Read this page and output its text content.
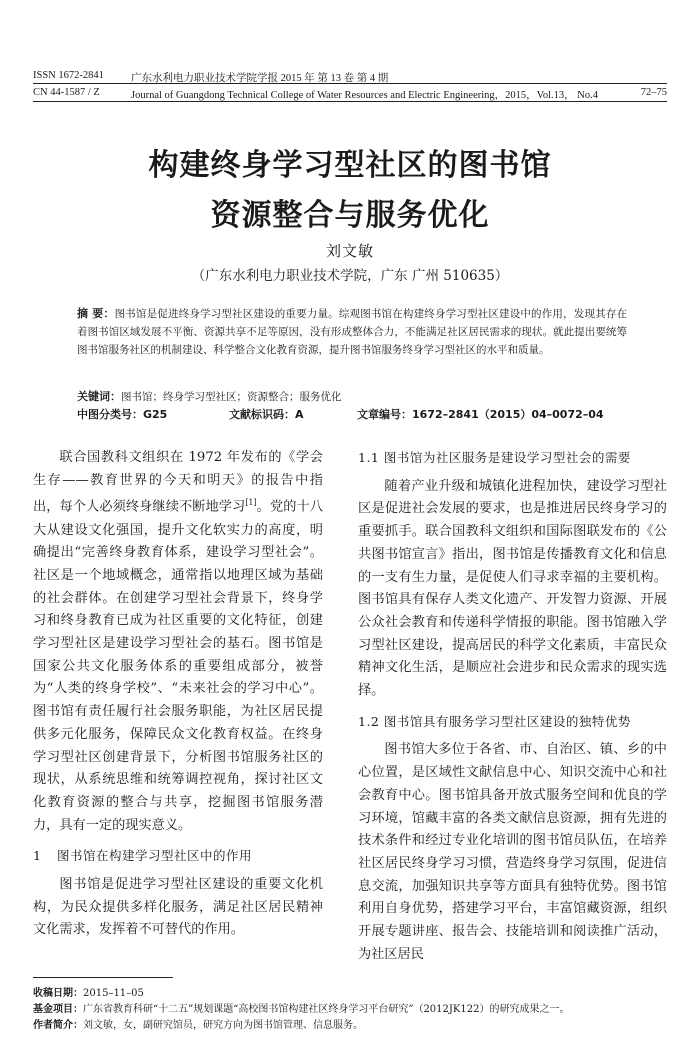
ISSN 1672-2841	广东水利电力职业技术学院学报 2015 年 第 13 卷 第 4 期
CN 44-1587 / Z	Journal of Guangdong Technical College of Water Resources and Electric Engineering，2015，Vol.13， No.4	72–75
构建终身学习型社区的图书馆
资源整合与服务优化
刘文敏
（广东水利电力职业技术学院，广东 广州 510635）
摘 要：图书馆是促进终身学习型社区建设的重要力量。综观图书馆在构建终身学习型社区建设中的作用，发现其存在着图书馆区域发展不平衡、资源共享不足等原因，没有形成整体合力，不能满足社区居民需求的现状。就此提出要统筹图书馆服务社区的机制建设、科学整合文化教育资源，提升图书馆服务终身学习型社区的水平和质量。
关键词：图书馆；终身学习型社区；资源整合；服务优化
中图分类号：G25	文献标识码：A	文章编号：1672–2841（2015）04–0072–04

联合国教科文组织在 1972 年发布的《学会生存——教育世界的今天和明天》的报告中指出，每个人必须终身继续不断地学习[1]。党的十八大从建设文化强国，提升文化软实力的高度，明确提出“完善终身教育体系，建设学习型社会”。社区是一个地域概念，通常指以地理区域为基础的社会群体。在创建学习型社会背景下，终身学习和终身教育已成为社区重要的文化特征，创建学习型社区是建设学习型社会的基石。图书馆是国家公共文化服务体系的重要组成部分，被誉为“人类的终身学校”、“未来社会的学习中心”。图书馆有责任履行社会服务职能，为社区居民提供多元化服务，保障民众文化教育权益。在终身学习型社区创建背景下，分析图书馆服务社区的现状，从系统思维和统筹调控视角，探讨社区文化教育资源的整合与共享，挖掘图书馆服务潜力，具有一定的现实意义。

1 图书馆在构建学习型社区中的作用

图书馆是促进学习型社区建设的重要文化机构，为民众提供多样化服务，满足社区居民精神文化需求，发挥着不可替代的作用。

1.1 图书馆为社区服务是建设学习型社会的需要

随着产业升级和城镇化进程加快，建设学习型社区是促进社会发展的要求，也是推进居民终身学习的重要抓手。联合国教科文组织和国际图联发布的《公共图书馆宣言》指出，图书馆是传播教育文化和信息的一支有生力量，是促使人们寻求幸福的主要机构。图书馆具有保存人类文化遗产、开发智力资源、开展公众社会教育和传递科学情报的职能。图书馆融入学习型社区建设，提高居民的科学文化素质，丰富民众精神文化生活，是顺应社会进步和民众需求的现实选择。

1.2 图书馆具有服务学习型社区建设的独特优势

图书馆大多位于各省、市、自治区、镇、乡的中心位置，是区域性文献信息中心、知识交流中心和社会教育中心。图书馆具备开放式服务空间和优良的学习环境，馆藏丰富的各类文献信息资源，拥有先进的技术条件和经过专业化培训的图书馆员队伍，在培养社区居民终身学习习惯，营造终身学习氛围，促进信息交流，加强知识共享等方面具有独特优势。图书馆利用自身优势，搭建学习平台，丰富馆藏资源，组织开展专题讲座、报告会、技能培训和阅读推广活动，为社区居民

收稿日期：2015–11–05
基金项目：广东省教育科研“十二五”规划课题“高校图书馆构建社区终身学习平台研究”（2012JK122）的研究成果之一。
作者简介：刘文敏，女，副研究馆员，研究方向为图书馆管理、信息服务。
